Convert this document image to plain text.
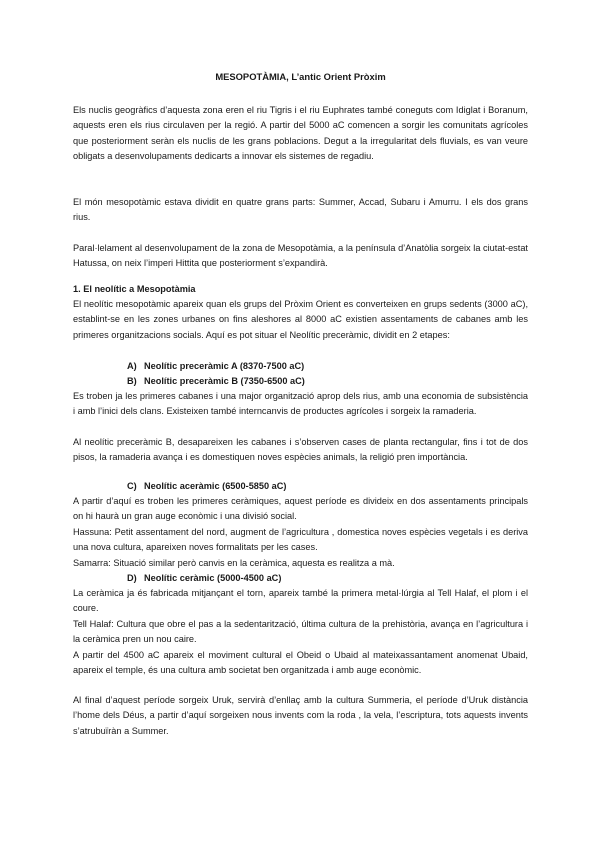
MESOPOTÀMIA, L’antic Orient Pròxim

Els nuclis geogràfics d’aquesta zona eren el riu Tigris i el riu Euphrates també coneguts com Idiglat i Boranum, aquests eren els rius circulaven per la regió. A partir del 5000 aC comencen a sorgir les comunitats agrícoles que posteriorment seràn els nuclis de les grans poblacions. Degut a la irregularitat dels fluvials, es van veure obligats a desenvolupaments dedicarts a innovar els sistemes de regadiu.

El món mesopotàmic estava dividit en quatre grans parts: Summer, Accad, Subaru i Amurru. I els dos grans rius.

Paral·lelament al desenvolupament de la zona de Mesopotàmia, a la península d’Anatòlia sorgeix la ciutat-estat Hatussa, on neix l’imperi Hittita que posteriorment s’expandirà.

1. El neolític a Mesopotàmia

El neolític mesopotàmic apareix quan els grups del Pròxim Orient es converteixen en grups sedents (3000 aC), establint-se en les zones urbanes on fins aleshores al 8000 aC existien assentaments de cabanes amb les primeres organitzacions socials. Aquí es pot situar el Neolític preceràmic, dividit en 2 etapes:

A) Neolític preceràmic A (8370-7500 aC)
B) Neolític preceràmic B (7350-6500 aC)

Es troben ja les primeres cabanes i una major organització aprop dels rius, amb una economia de subsistència i amb l’inici dels clans. Existeixen també interncanvis de productes agrícoles i sorgeix la ramaderia.

Al neolític preceràmic B, desapareixen les cabanes i s’observen cases de planta rectangular, fins i tot de dos pisos, la ramaderia avança i es domestiquen noves espècies animals, la religió pren importància.

C) Neolític aceràmic (6500-5850 aC)

A partir d’aquí es troben les primeres ceràmiques, aquest període es divideix en dos assentaments principals on hi haurà un gran auge econòmic i una divisió social.

Hassuna: Petit assentament del nord, augment de l’agricultura , domestica noves espècies vegetals i es deriva una nova cultura, apareixen noves formalitats per les cases.

Samarra: Situació similar però canvis en la ceràmica, aquesta es realitza a mà.

D) Neolític ceràmic (5000-4500 aC)

La ceràmica ja és fabricada mitjançant el torn, apareix també la primera metal·lúrgia al Tell Halaf, el plom i el coure.

Tell Halaf: Cultura que obre el pas a la sedentarització, última cultura de la prehistòria, avança en l’agricultura i la ceràmica pren un nou caire.

A partir del 4500 aC apareix el moviment cultural el Obeid o Ubaid al mateixassantament anomenat Ubaid, apareix el temple, és una cultura amb societat ben organitzada i amb auge econòmic.

Al final d’aquest període sorgeix Uruk, servirà d’enllaç amb la cultura Summeria, el període d’Uruk distància l’home dels Déus, a partir d’aquí sorgeixen nous invents com la roda , la vela, l’escriptura, tots aquests invents s’atrubuïràn a Summer.
